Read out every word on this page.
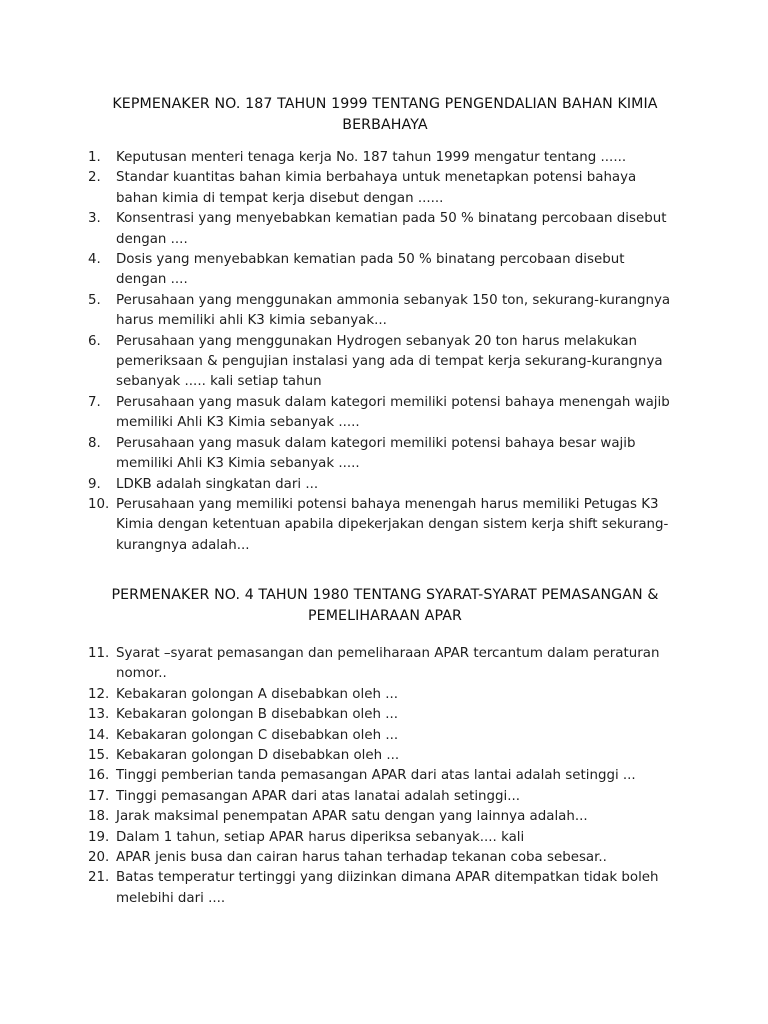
KEPMENAKER NO. 187 TAHUN 1999 TENTANG PENGENDALIAN BAHAN KIMIA BERBAHAYA
1.	Keputusan menteri tenaga kerja No. 187 tahun 1999 mengatur tentang ......
2.	Standar kuantitas bahan kimia berbahaya untuk menetapkan potensi bahaya bahan kimia di tempat kerja disebut dengan ......
3.	Konsentrasi yang menyebabkan kematian pada 50 % binatang percobaan disebut dengan ....
4.	Dosis yang menyebabkan kematian pada 50 % binatang percobaan disebut dengan ....
5.	Perusahaan yang menggunakan ammonia sebanyak 150 ton, sekurang-kurangnya harus memiliki ahli K3 kimia sebanyak...
6.	Perusahaan yang menggunakan Hydrogen sebanyak 20 ton harus melakukan pemeriksaan & pengujian instalasi yang ada di tempat kerja sekurang-kurangnya sebanyak ..... kali setiap tahun
7.	Perusahaan yang masuk dalam kategori memiliki potensi bahaya menengah wajib memiliki Ahli K3 Kimia sebanyak .....
8.	Perusahaan yang masuk dalam kategori memiliki potensi bahaya besar wajib memiliki Ahli K3 Kimia sebanyak .....
9.	LDKB adalah singkatan dari ...
10. Perusahaan yang memiliki potensi bahaya menengah harus memiliki Petugas K3 Kimia dengan ketentuan apabila dipekerjakan dengan sistem kerja shift sekurang-kurangnya adalah...
PERMENAKER NO. 4 TAHUN 1980 TENTANG SYARAT-SYARAT PEMASANGAN & PEMELIHARAAN APAR
11. Syarat –syarat pemasangan dan pemeliharaan APAR tercantum dalam peraturan nomor..
12. Kebakaran golongan A disebabkan oleh ...
13. Kebakaran golongan B disebabkan oleh ...
14. Kebakaran golongan C disebabkan oleh ...
15. Kebakaran golongan D disebabkan oleh ...
16. Tinggi pemberian tanda pemasangan APAR dari atas lantai adalah setinggi ...
17. Tinggi pemasangan APAR dari atas lanatai adalah setinggi...
18. Jarak maksimal penempatan APAR satu dengan yang lainnya adalah...
19. Dalam 1 tahun, setiap APAR harus diperiksa sebanyak.... kali
20. APAR jenis busa dan cairan harus tahan terhadap tekanan coba sebesar..
21. Batas temperatur tertinggi yang diizinkan dimana APAR ditempatkan tidak boleh melebihi dari ....
